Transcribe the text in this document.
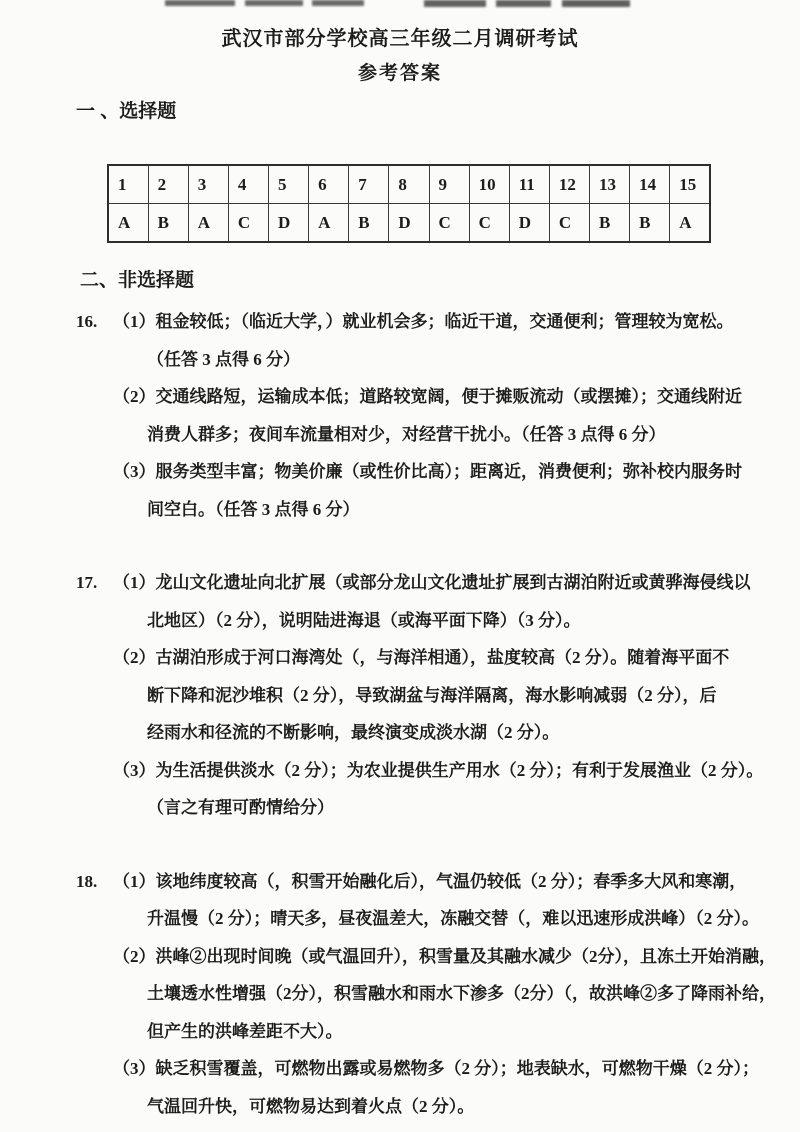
武汉市部分学校高三年级二月调研考试
参考答案
一 、选择题
1	2	3	4	5	6	7	8	9	10	11	12	13	14	15
A	B	A	C	D	A	B	D	C	C	D	C	B	B	A
二、非选择题
16. （1）租金较低；（临近大学，）就业机会多；临近干道，交通便利；管理较为宽松。
（任答 3 点得 6 分）
（2）交通线路短，运输成本低；道路较宽阔，便于摊贩流动（或摆摊）；交通线附近
消费人群多；夜间车流量相对少，对经营干扰小。（任答 3 点得 6 分）
（3）服务类型丰富；物美价廉（或性价比高）；距离近，消费便利；弥补校内服务时
间空白。（任答 3 点得 6 分）
17. （1）龙山文化遗址向北扩展（或部分龙山文化遗址扩展到古湖泊附近或黄骅海侵线以
北地区）（2 分），说明陆进海退（或海平面下降）（3 分）。
（2）古湖泊形成于河口海湾处（，与海洋相通），盐度较高（2 分）。随着海平面不
断下降和泥沙堆积（2 分），导致湖盆与海洋隔离，海水影响减弱（2 分），后
经雨水和径流的不断影响，最终演变成淡水湖（2 分）。
（3）为生活提供淡水（2 分）；为农业提供生产用水（2 分）；有利于发展渔业（2 分）。
（言之有理可酌情给分）
18. （1）该地纬度较高（，积雪开始融化后），气温仍较低（2 分）；春季多大风和寒潮，
升温慢（2 分）；晴天多，昼夜温差大，冻融交替（，难以迅速形成洪峰）（2 分）。
（2）洪峰②出现时间晚（或气温回升），积雪量及其融水减少（2分），且冻土开始消融，
土壤透水性增强（2分），积雪融水和雨水下渗多（2分）（，故洪峰②多了降雨补给，
但产生的洪峰差距不大）。
（3）缺乏积雪覆盖，可燃物出露或易燃物多（2 分）；地表缺水，可燃物干燥（2 分）；
气温回升快，可燃物易达到着火点（2 分）。
